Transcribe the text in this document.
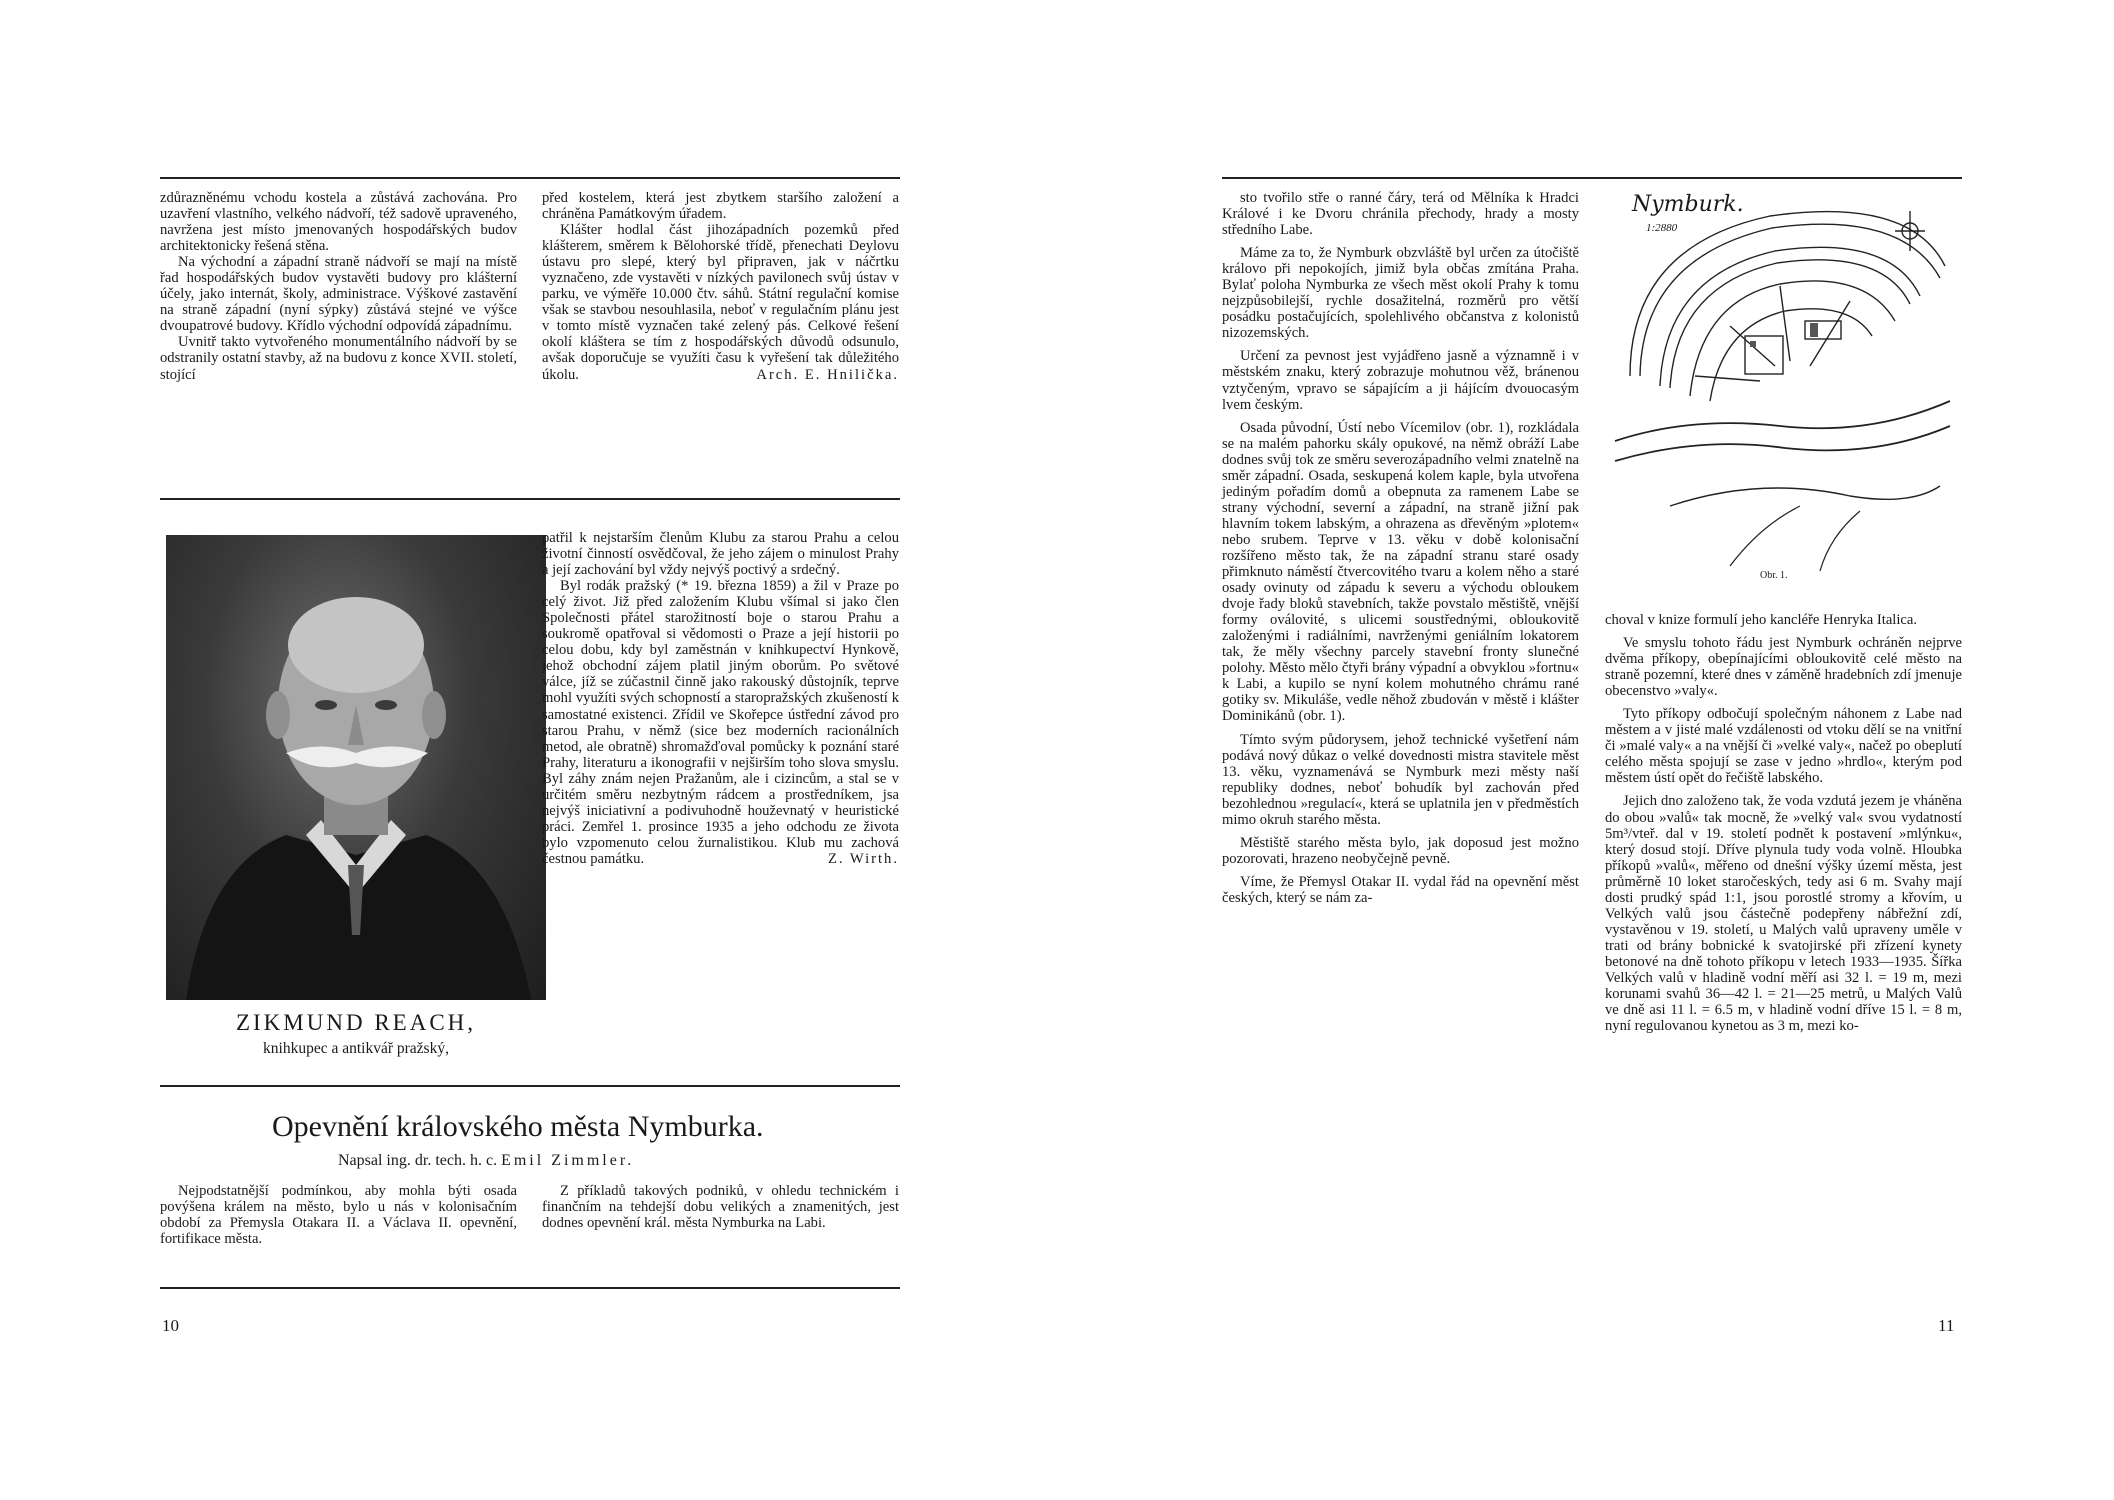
zdůrazněnému vchodu kostela a zůstává zachována. Pro uzavření vlastního, velkého nádvoří, též sadově upraveného, navržena jest místo jmenovaných hospodářských budov architektonicky řešená stěna.

Na východní a západní straně nádvoří se mají na místě řad hospodářských budov vystavěti budovy pro klášterní účely, jako internát, školy, administrace. Výškové zastavění na straně západní (nyní sýpky) zůstává stejné ve výšce dvoupatrové budovy. Křídlo východní odpovídá západnímu.

Uvnitř takto vytvořeného monumentálního nádvoří by se odstranily ostatní stavby, až na budovu z konce XVII. století, stojící

před kostelem, která jest zbytkem staršího založení a chráněna Památkovým úřadem.

Klášter hodlal část jihozápadních pozemků před klášterem, směrem k Bělohorské třídě, přenechati Deylovu ústavu pro slepé, který byl připraven, jak v náčrtku vyznačeno, zde vystavěti v nízkých pavilonech svůj ústav v parku, ve výměře 10.000 čtv. sáhů. Státní regulační komise však se stavbou nesouhlasila, neboť v regulačním plánu jest v tomto místě vyznačen také zelený pás. Celkové řešení okolí kláštera se tím z hospodářských důvodů odsunulo, avšak doporučuje se využíti času k vyřešení tak důležitého úkolu.	Arch. E. Hnilička.

ZIKMUND REACH,
knihkupec a antikvář pražský,

patřil k nejstarším členům Klubu za starou Prahu a celou životní činností osvědčoval, že jeho zájem o minulost Prahy a její zachování byl vždy nejvýš poctivý a srdečný.

Byl rodák pražský (* 19. března 1859) a žil v Praze po celý život. Již před založením Klubu všímal si jako člen Společnosti přátel starožitností boje o starou Prahu a soukromě opatřoval si vědomosti o Praze a její historii po celou dobu, kdy byl zaměstnán v knihkupectví Hynkově, jehož obchodní zájem platil jiným oborům. Po světové válce, jíž se zúčastnil činně jako rakouský důstojník, teprve mohl využíti svých schopností a staropražských zkušeností k samostatné existenci. Zřídil ve Skořepce ústřední závod pro starou Prahu, v němž (sice bez moderních racionálních metod, ale obratně) shromažďoval pomůcky k poznání staré Prahy, literaturu a ikonografii v nejširším toho slova smyslu. Byl záhy znám nejen Pražanům, ale i cizincům, a stal se v určitém směru nezbytným rádcem a prostředníkem, jsa nejvýš iniciativní a podivuhodně houževnatý v heuristické práci. Zemřel 1. prosince 1935 a jeho odchodu ze života bylo vzpomenuto celou žurnalistikou. Klub mu zachová čestnou památku.	Z. Wirth.

Opevnění královského města Nymburka.
Napsal ing. dr. tech. h. c. Emil Zimmler.

Nejpodstatnější podmínkou, aby mohla býti osada povýšena králem na město, bylo u nás v kolonisačním období za Přemysla Otakara II. a Václava II. opevnění, fortifikace města.

Z příkladů takových podniků, v ohledu technickém i finančním na tehdejší dobu velikých a znamenitých, jest dodnes opevnění král. města Nymburka na Labi.

10

sto tvořilo stře o ranné čáry, terá od Mělníka k Hradci Králové i ke Dvoru chránila přechody, hrady a mosty středního Labe.

Máme za to, že Nymburk obzvláště byl určen za útočiště královo při nepokojích, jimiž byla občas zmítána Praha. Bylať poloha Nymburka ze všech měst okolí Prahy k tomu nejzpůsobilejší, rychle dosažitelná, rozměrů pro větší posádku postačujících, spolehlivého občanstva z kolonistů nizozemských.

Určení za pevnost jest vyjádřeno jasně a významně i v městském znaku, který zobrazuje mohutnou věž, bránenou vztyčeným, vpravo se sápajícím a ji hájícím dvouocasým lvem českým.

Osada původní, Ústí nebo Vícemilov (obr. 1), rozkládala se na malém pahorku skály opukové, na němž obráží Labe dodnes svůj tok ze směru severozápadního velmi znatelně na směr západní. Osada, seskupená kolem kaple, byla utvořena jediným pořadím domů a obepnuta za ramenem Labe se strany východní, severní a západní, na straně jižní pak hlavním tokem labským, a ohrazena as dřevěným »plotem« nebo srubem. Teprve v 13. věku v době kolonisační rozšířeno město tak, že na západní stranu staré osady přimknuto náměstí čtvercovitého tvaru a kolem něho a staré osady ovinuty od západu k severu a východu obloukem dvoje řady bloků stavebních, takže povstalo městiště, vnější formy oválovité, s ulicemi soustřednými, obloukovitě založenými i radiálními, navrženými geniálním lokatorem tak, že měly všechny parcely stavební fronty slunečné polohy. Město mělo čtyři brány výpadní a obvyklou »fortnu« k Labi, a kupilo se nyní kolem mohutného chrámu rané gotiky sv. Mikuláše, vedle něhož zbudován v městě i klášter Dominikánů (obr. 1).

Tímto svým půdorysem, jehož technické vyšetření nám podává nový důkaz o velké dovednosti mistra stavitele měst 13. věku, vyznamenává se Nymburk mezi městy naší republiky dodnes, neboť bohudík byl zachován před bezohlednou »regulací«, která se uplatnila jen v předměstích mimo okruh starého města.

Městiště starého města bylo, jak doposud jest možno pozorovati, hrazeno neobyčejně pevně.

Víme, že Přemysl Otakar II. vydal řád na opevnění měst českých, který se nám za-

Nymburk.
1:2880
Obr. 1.

choval v knize formulí jeho kancléře Henryka Italica.

Ve smyslu tohoto řádu jest Nymburk ochráněn nejprve dvěma příkopy, obepínajícími obloukovitě celé město na straně pozemní, které dnes v záměně hradebních zdí jmenuje obecenstvo »valy«.

Tyto příkopy odbočují společným náhonem z Labe nad městem a v jisté malé vzdálenosti od vtoku dělí se na vnitřní či »malé valy« a na vnější či »velké valy«, načež po obeplutí celého města spojují se zase v jedno »hrdlo«, kterým pod městem ústí opět do řečiště labského.

Jejich dno založeno tak, že voda vzdutá jezem je vháněna do obou »valů« tak mocně, že »velký val« svou vydatností 5m³/vteř. dal v 19. století podnět k postavení »mlýnku«, který dosud stojí. Dříve plynula tudy voda volně. Hloubka příkopů »valů«, měřeno od dnešní výšky území města, jest průměrně 10 loket staročeských, tedy asi 6 m. Svahy mají dosti prudký spád 1:1, jsou porostlé stromy a křovím, u Velkých valů jsou částečně podepřeny nábřežní zdí, vystavěnou v 19. století, u Malých valů upraveny uměle v trati od brány bobnické k svatojirské při zřízení kynety betonové na dně tohoto příkopu v letech 1933—1935. Šířka Velkých valů v hladině vodní měří asi 32 l. = 19 m, mezi korunami svahů 36—42 l. = 21—25 metrů, u Malých Valů ve dně asi 11 l. = 6.5 m, v hladině vodní dříve 15 l. = 8 m, nyní regulovanou kynetou as 3 m, mezi ko-

11
